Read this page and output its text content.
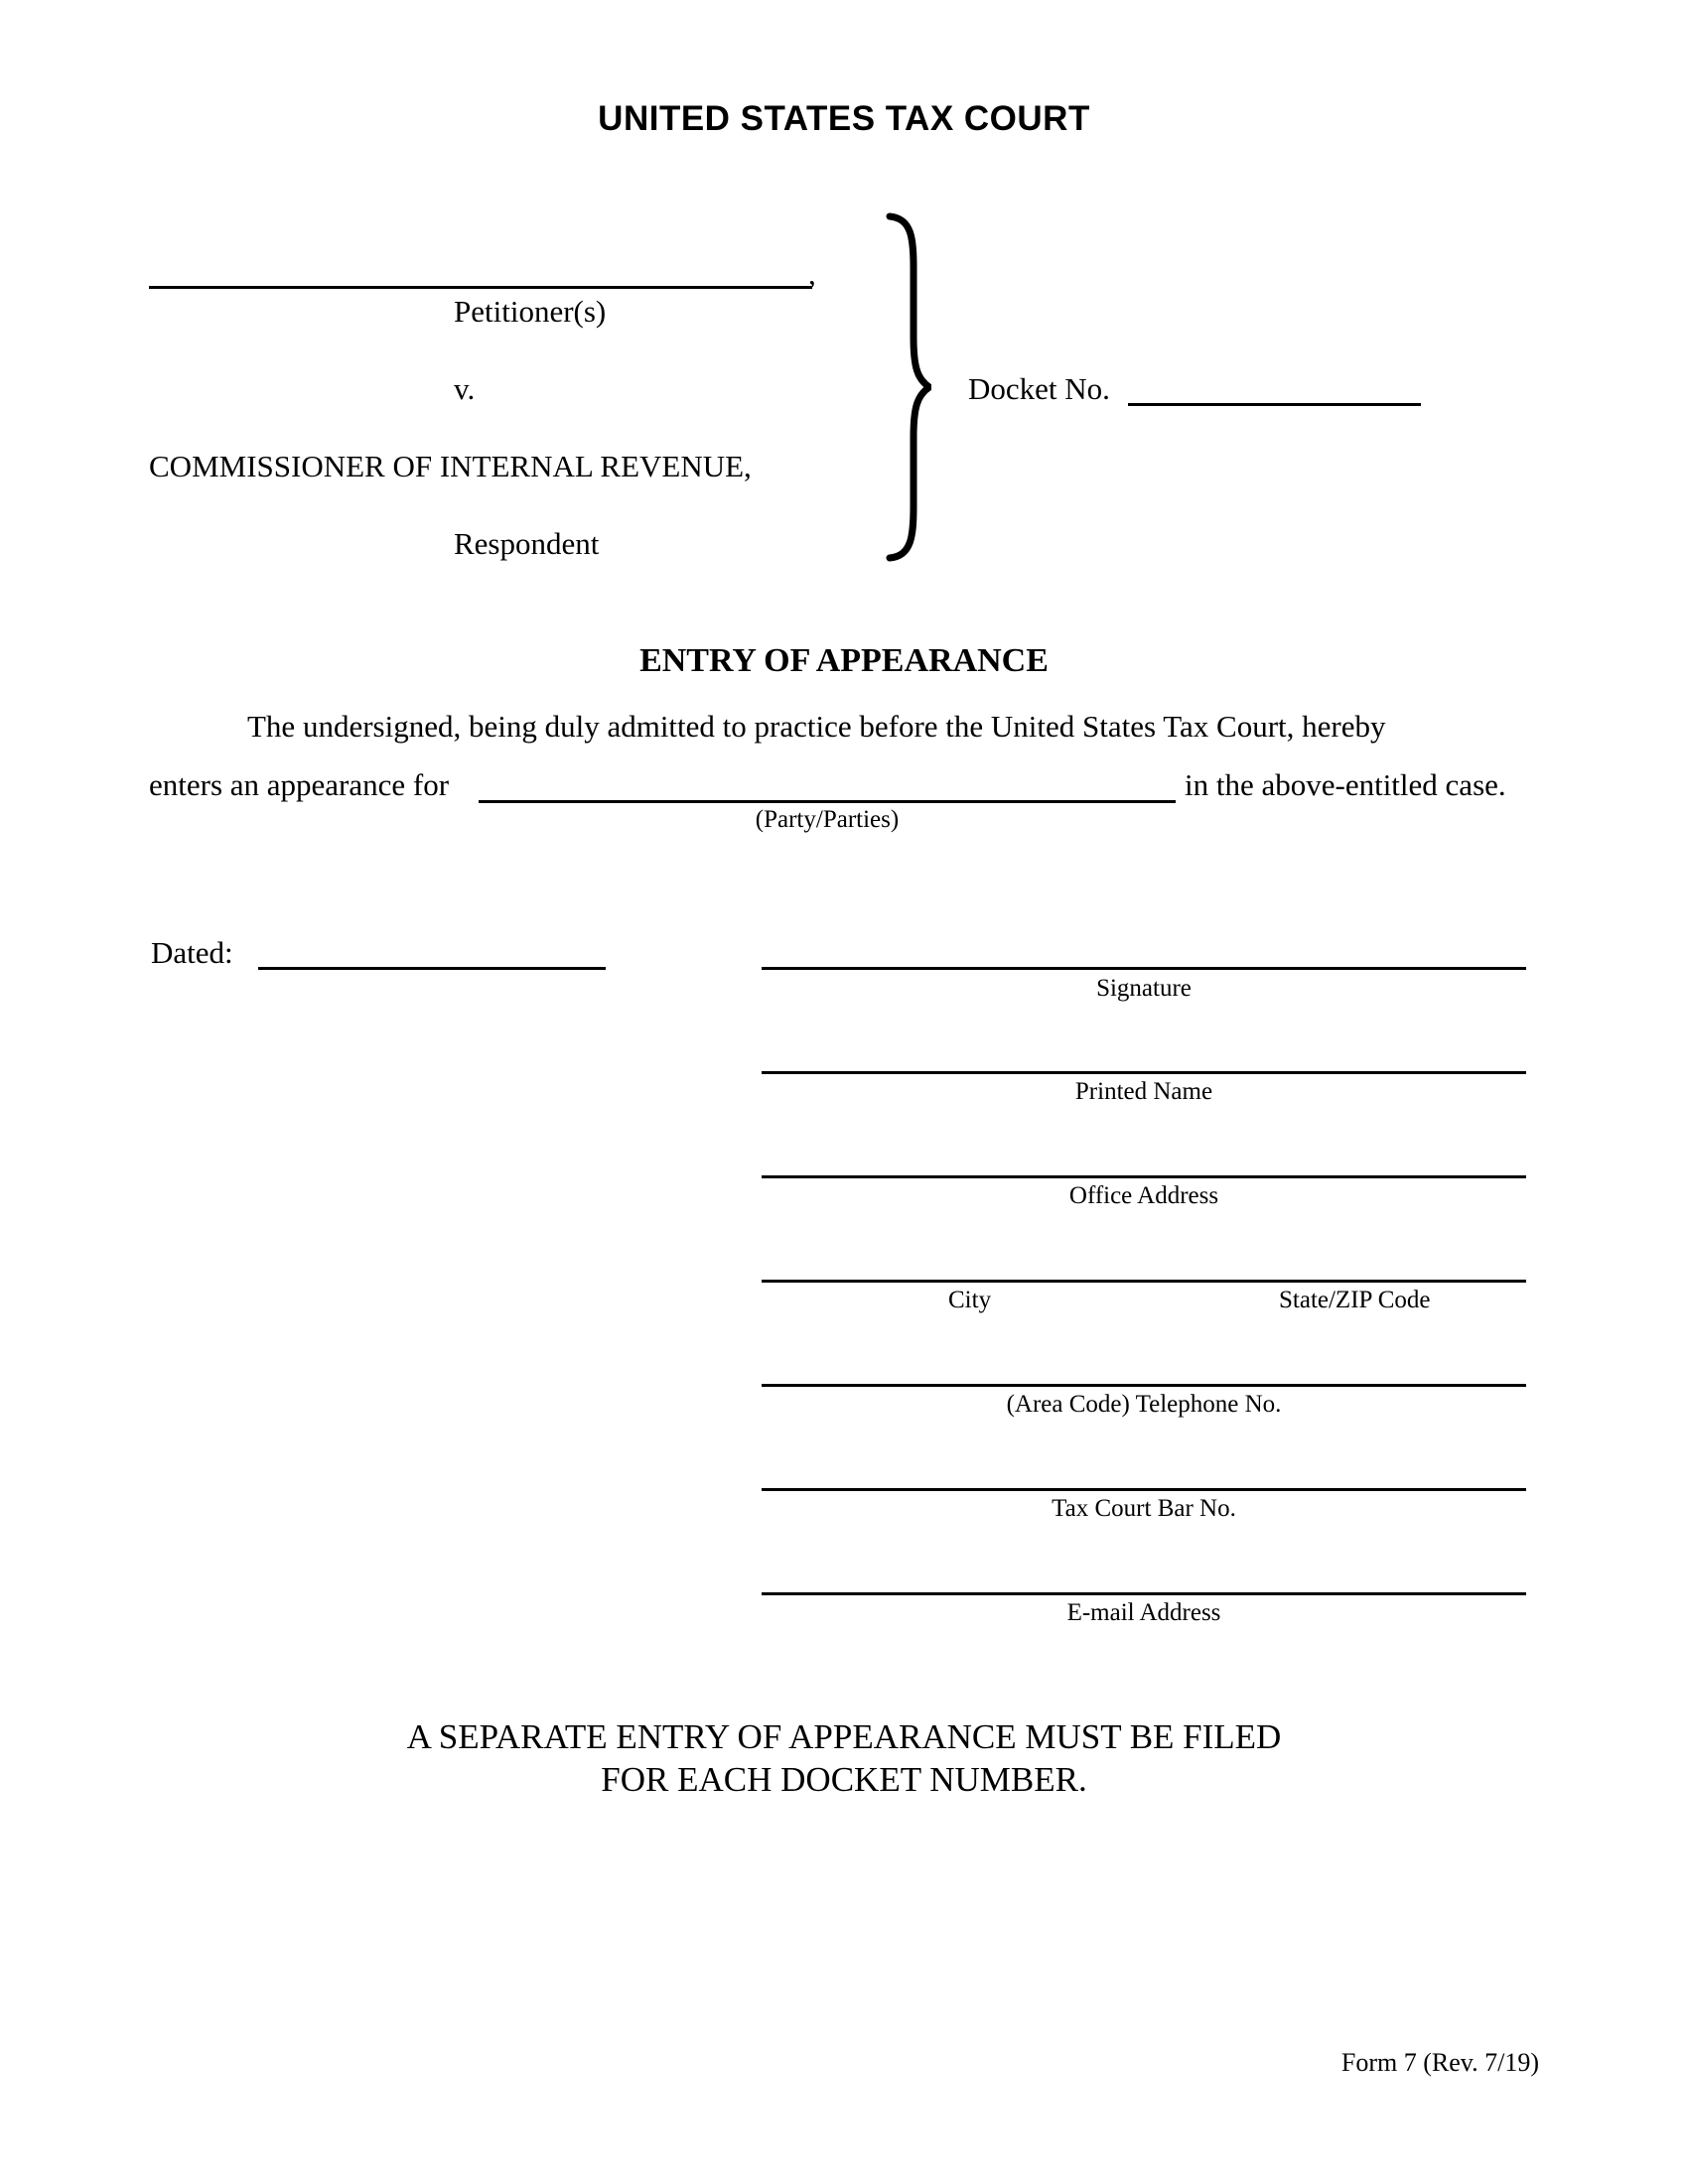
UNITED STATES TAX COURT
,
Petitioner(s)
v.
COMMISSIONER OF INTERNAL REVENUE,
Respondent
Docket No.
ENTRY OF APPEARANCE
The undersigned, being duly admitted to practice before the United States Tax Court, hereby
enters an appearance for	in the above-entitled case.
(Party/Parties)
Dated:
Signature
Printed Name
Office Address
City	State/ZIP Code
(Area Code) Telephone No.
Tax Court Bar No.
E-mail Address
A SEPARATE ENTRY OF APPEARANCE MUST BE FILED
FOR EACH DOCKET NUMBER.
Form 7 (Rev. 7/19)
